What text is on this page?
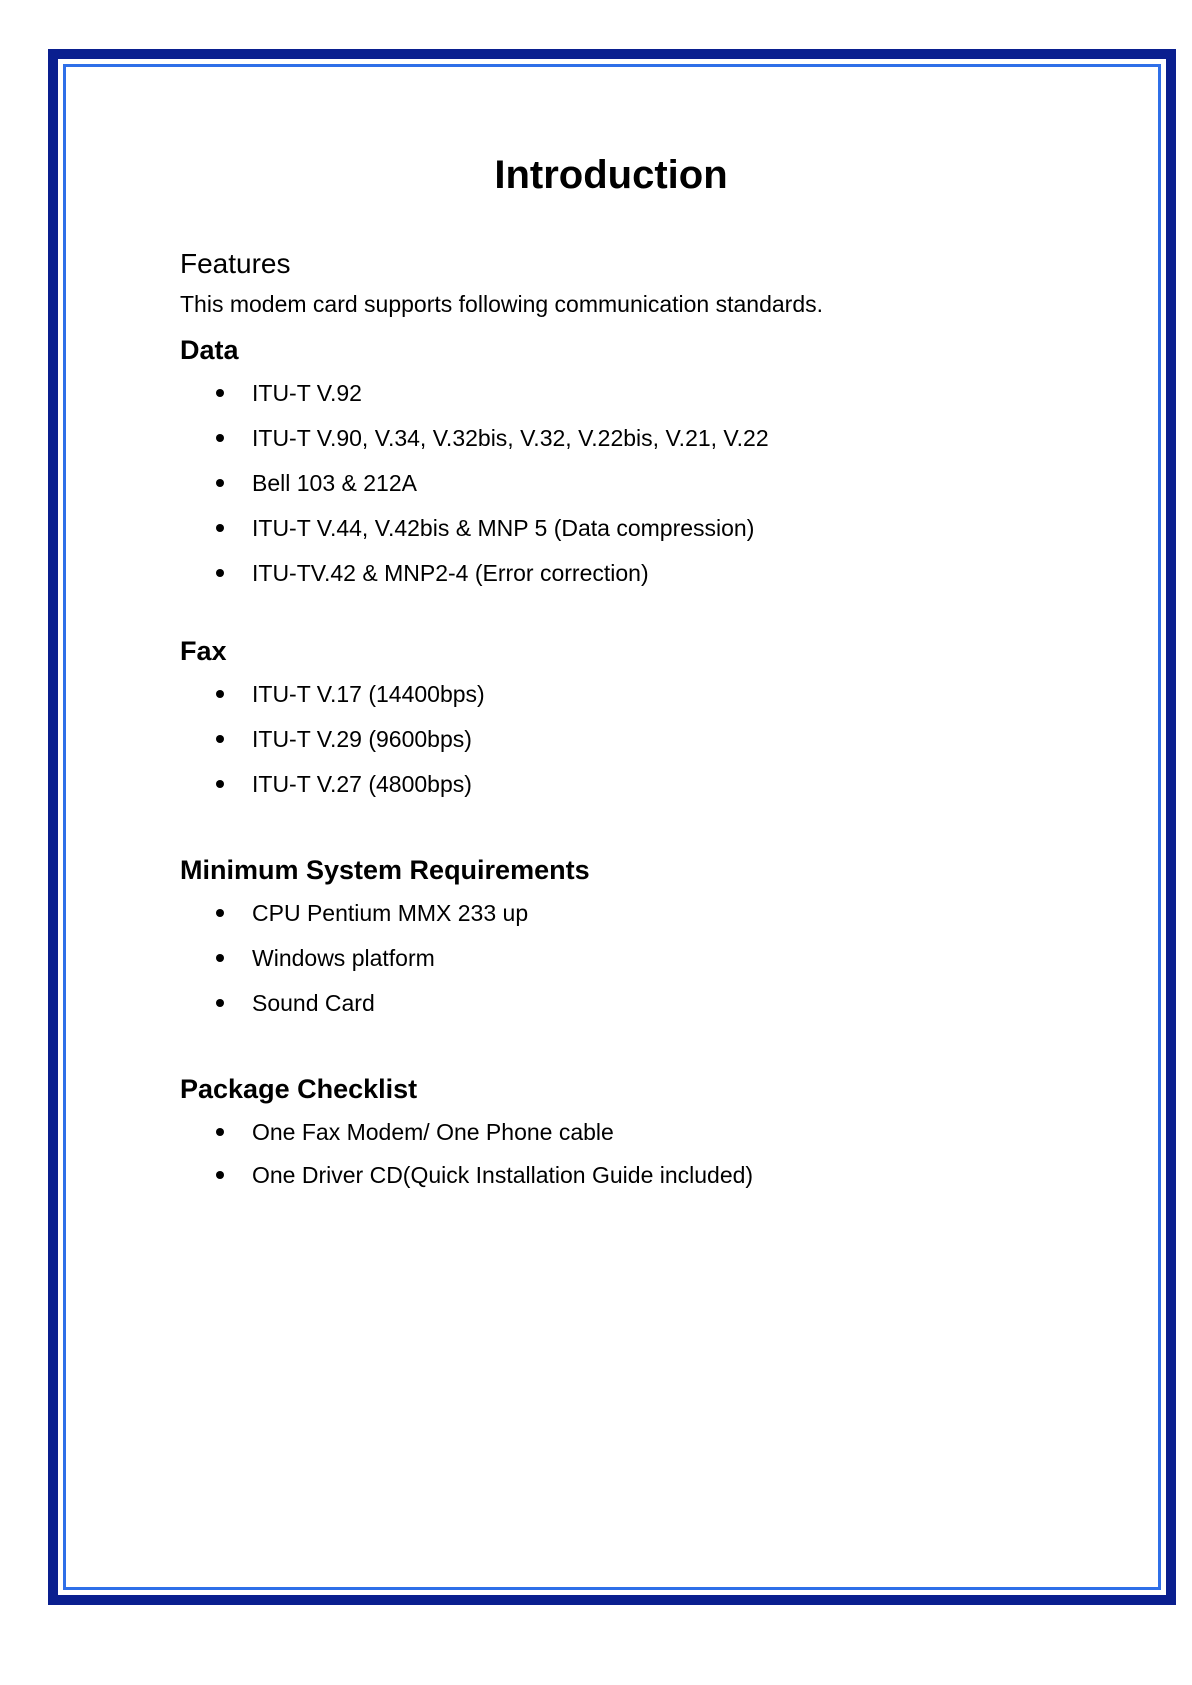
Introduction
Features

This modem card supports following communication standards.

Data
ITU-T V.92
ITU-T V.90, V.34, V.32bis, V.32, V.22bis, V.21, V.22
Bell 103 & 212A
ITU-T V.44, V.42bis & MNP 5 (Data compression)
ITU-TV.42 & MNP2-4 (Error correction)
Fax
ITU-T V.17 (14400bps)
ITU-T V.29 (9600bps)
ITU-T V.27 (4800bps)
Minimum System Requirements
CPU Pentium MMX 233 up
Windows platform
Sound Card
Package Checklist
One Fax Modem/ One Phone cable
One Driver CD(Quick Installation Guide included)
